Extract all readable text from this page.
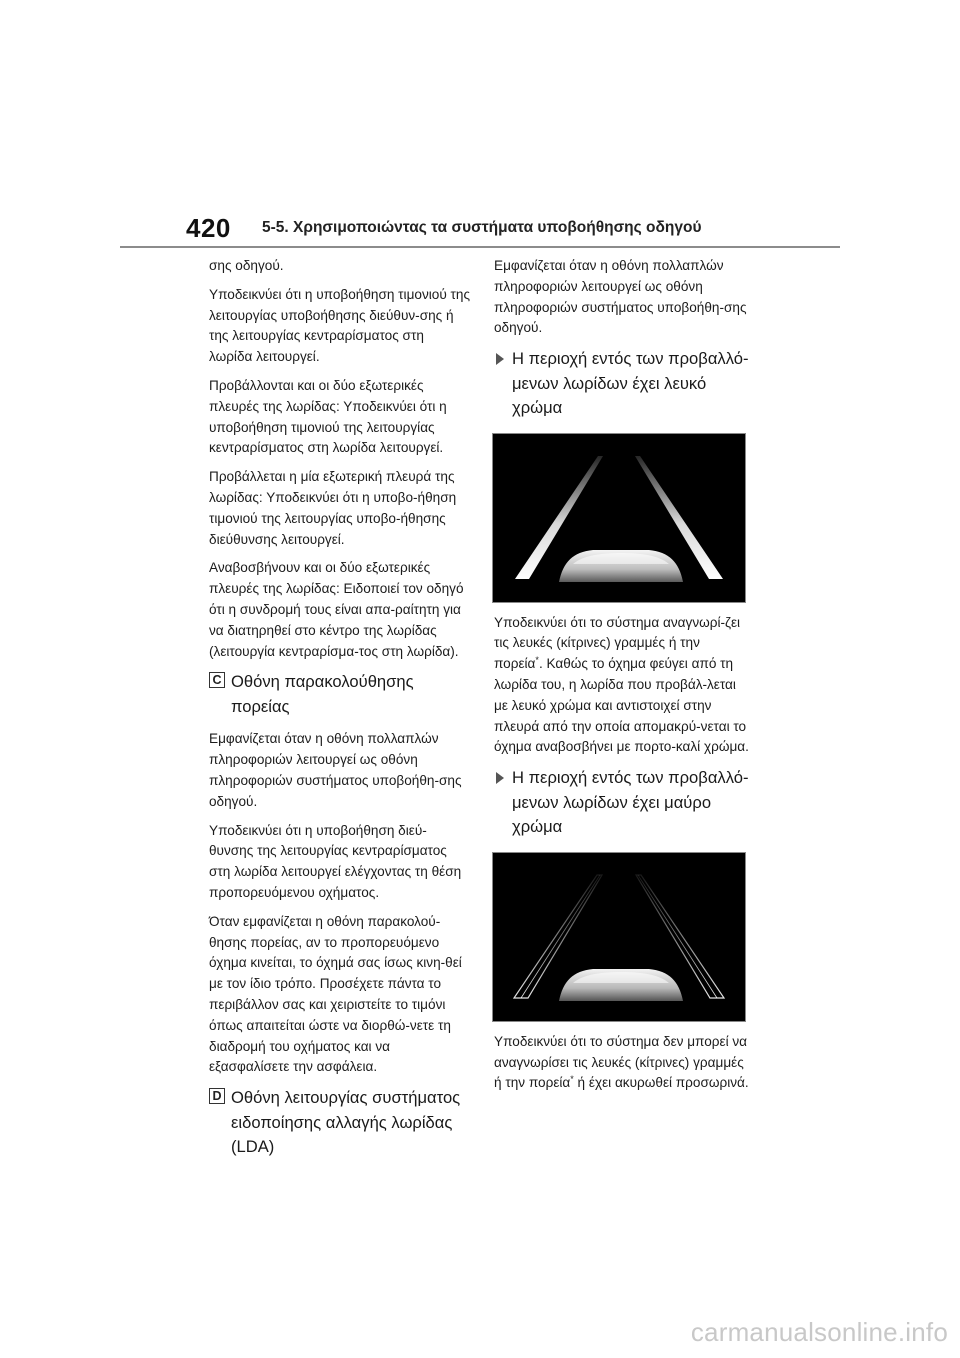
420 5-5. Χρησιμοποιώντας τα συστήματα υποβοήθησης οδηγού

σης οδηγού.

Υποδεικνύει ότι η υποβοήθηση τιμονιού της λειτουργίας υποβοήθησης διεύθυν-σης ή της λειτουργίας κεντραρίσματος στη λωρίδα λειτουργεί.

Προβάλλονται και οι δύο εξωτερικές πλευρές της λωρίδας: Υποδεικνύει ότι η υποβοήθηση τιμονιού της λειτουργίας κεντραρίσματος στη λωρίδα λειτουργεί.

Προβάλλεται η μία εξωτερική πλευρά της λωρίδας: Υποδεικνύει ότι η υποβο-ήθηση τιμονιού της λειτουργίας υποβο-ήθησης διεύθυνσης λειτουργεί.

Αναβοσβήνουν και οι δύο εξωτερικές πλευρές της λωρίδας: Ειδοποιεί τον οδηγό ότι η συνδρομή τους είναι απα-ραίτητη για να διατηρηθεί στο κέντρο της λωρίδας (λειτουργία κεντραρίσμα-τος στη λωρίδα).

C Οθόνη παρακολούθησης πορείας

Εμφανίζεται όταν η οθόνη πολλαπλών πληροφοριών λειτουργεί ως οθόνη πληροφοριών συστήματος υποβοήθη-σης οδηγού.

Υποδεικνύει ότι η υποβοήθηση διεύ-θυνσης της λειτουργίας κεντραρίσματος στη λωρίδα λειτουργεί ελέγχοντας τη θέση προπορευόμενου οχήματος.

Όταν εμφανίζεται η οθόνη παρακολού-θησης πορείας, αν το προπορευόμενο όχημα κινείται, το όχημά σας ίσως κινη-θεί με τον ίδιο τρόπο. Προσέχετε πάντα το περιβάλλον σας και χειριστείτε το τιμόνι όπως απαιτείται ώστε να διορθώ-νετε τη διαδρομή του οχήματος και να εξασφαλίσετε την ασφάλεια.

D Οθόνη λειτουργίας συστήματος ειδοποίησης αλλαγής λωρίδας (LDA)

Εμφανίζεται όταν η οθόνη πολλαπλών πληροφοριών λειτουργεί ως οθόνη πληροφοριών συστήματος υποβοήθη-σης οδηγού.

Η περιοχή εντός των προβαλλό-μενων λωρίδων έχει λευκό χρώμα

Υποδεικνύει ότι το σύστημα αναγνωρί-ζει τις λευκές (κίτρινες) γραμμές ή την πορεία*. Καθώς το όχημα φεύγει από τη λωρίδα του, η λωρίδα που προβάλ-λεται με λευκό χρώμα και αντιστοιχεί στην πλευρά από την οποία απομακρύ-νεται το όχημα αναβοσβήνει με πορτο-καλί χρώμα.

Η περιοχή εντός των προβαλλό-μενων λωρίδων έχει μαύρο χρώμα

Υποδεικνύει ότι το σύστημα δεν μπορεί να αναγνωρίσει τις λευκές (κίτρινες) γραμμές ή την πορεία* ή έχει ακυρωθεί προσωρινά.

carmanualsonline.info
